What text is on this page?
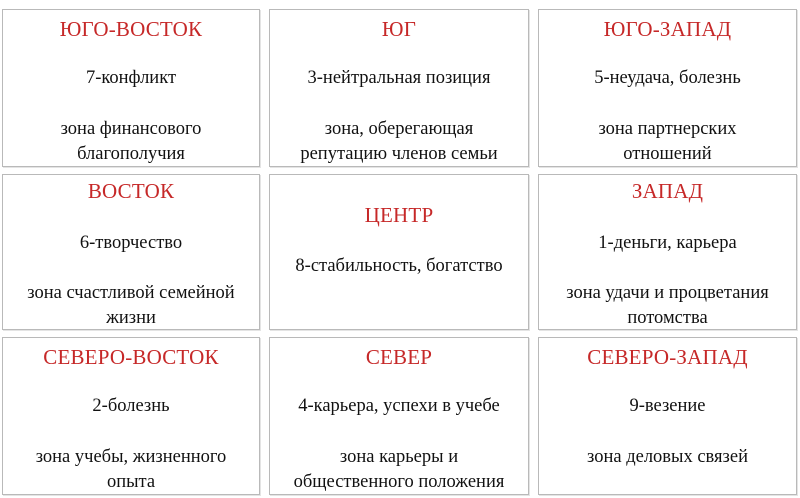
ЮГО-ВОСТОК
7-конфликт
зона финансового
благополучия
ЮГ
3-нейтральная позиция
зона, оберегающая
репутацию членов семьи
ЮГО-ЗАПАД
5-неудача, болезнь
зона партнерских
отношений
ВОСТОК
6-творчество
зона счастливой семейной
жизни
ЦЕНТР
8-стабильность, богатство
ЗАПАД
1-деньги, карьера
зона удачи и процветания
потомства
СЕВЕРО-ВОСТОК
2-болезнь
зона учебы, жизненного
опыта
СЕВЕР
4-карьера, успехи в учебе
зона карьеры и
общественного положения
СЕВЕРО-ЗАПАД
9-везение
зона деловых связей
